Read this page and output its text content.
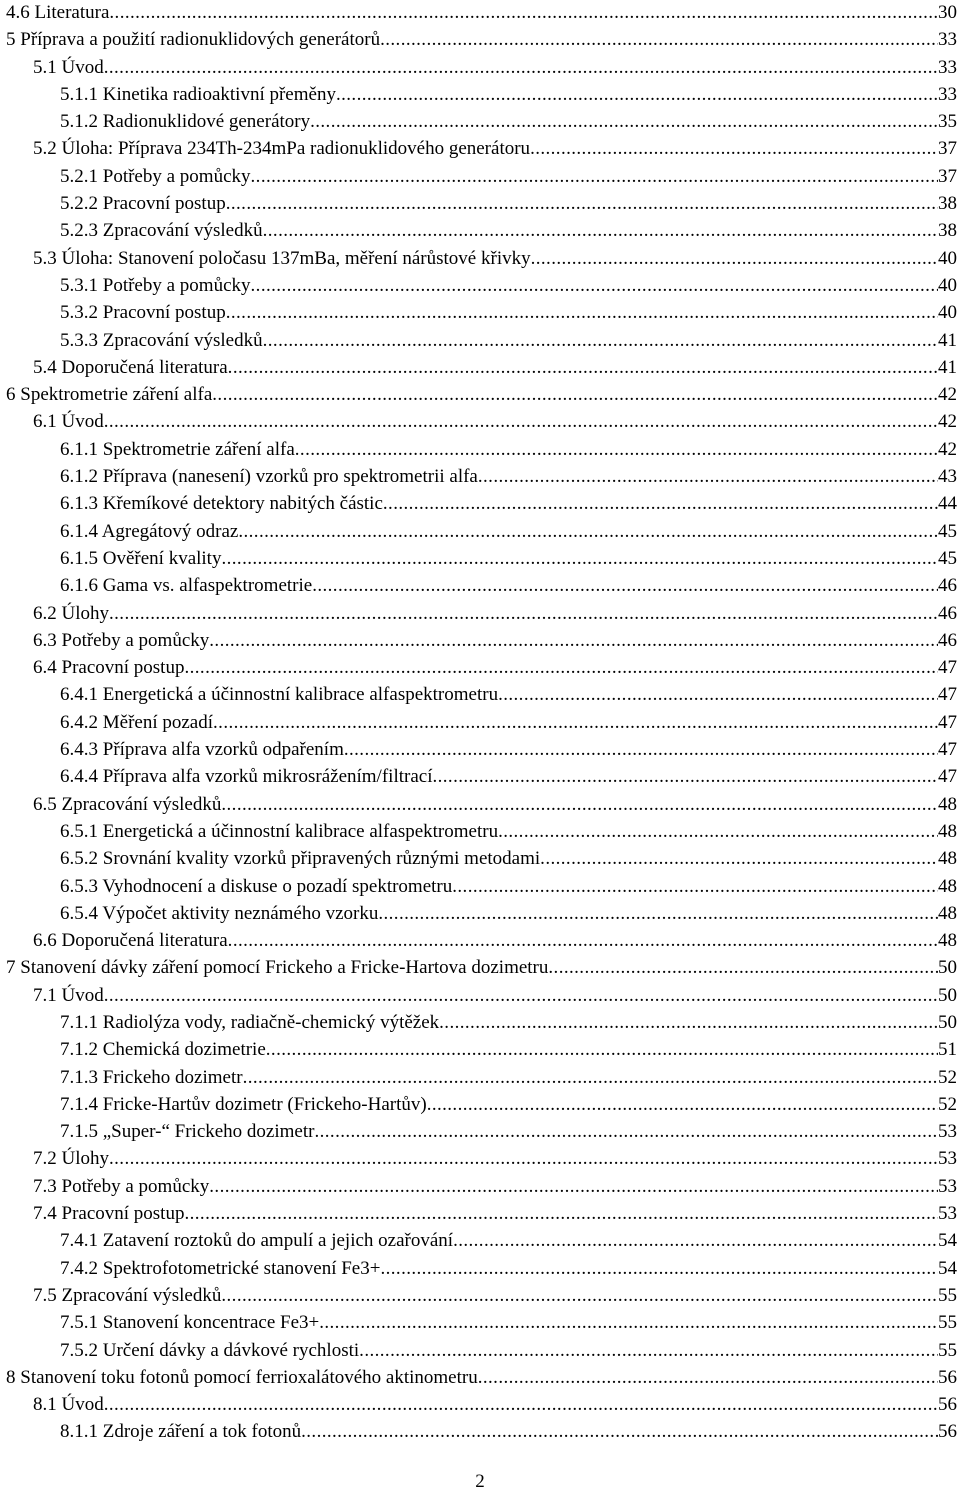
4.6 Literatura .....	30
5 Příprava a použití radionuklidových generátorů .....	33
5.1 Úvod .....	33
5.1.1 Kinetika radioaktivní přeměny .....	33
5.1.2 Radionuklidové generátory .....	35
5.2 Úloha: Příprava 234Th-234mPa radionuklidového generátoru .....	37
5.2.1 Potřeby a pomůcky .....	37
5.2.2 Pracovní postup .....	38
5.2.3 Zpracování výsledků .....	38
5.3 Úloha: Stanovení poločasu 137mBa, měření nárůstové křivky .....	40
5.3.1 Potřeby a pomůcky .....	40
5.3.2 Pracovní postup .....	40
5.3.3 Zpracování výsledků .....	41
5.4 Doporučená literatura .....	41
6 Spektrometrie záření alfa .....	42
6.1 Úvod .....	42
6.1.1 Spektrometrie záření alfa .....	42
6.1.2 Příprava (nanesení) vzorků pro spektrometrii alfa .....	43
6.1.3 Křemíkové detektory nabitých částic .....	44
6.1.4 Agregátový odraz .....	45
6.1.5 Ověření kvality .....	45
6.1.6 Gama vs. alfaspektrometrie .....	46
6.2 Úlohy .....	46
6.3 Potřeby a pomůcky .....	46
6.4 Pracovní postup .....	47
6.4.1 Energetická a účinnostní kalibrace alfaspektrometru .....	47
6.4.2 Měření pozadí .....	47
6.4.3 Příprava alfa vzorků odpařením .....	47
6.4.4 Příprava alfa vzorků mikrosrážením/filtrací .....	47
6.5 Zpracování výsledků .....	48
6.5.1 Energetická a účinnostní kalibrace alfaspektrometru .....	48
6.5.2 Srovnání kvality vzorků připravených různými metodami .....	48
6.5.3 Vyhodnocení a diskuse o pozadí spektrometru .....	48
6.5.4 Výpočet aktivity neznámého vzorku .....	48
6.6 Doporučená literatura .....	48
7 Stanovení dávky záření pomocí Frickeho a Fricke-Hartova dozimetru .....	50
7.1 Úvod .....	50
7.1.1 Radiolýza vody, radiačně-chemický výtěžek .....	50
7.1.2 Chemická dozimetrie .....	51
7.1.3 Frickeho dozimetr .....	52
7.1.4 Fricke-Hartův dozimetr (Frickeho-Hartův) .....	52
7.1.5 „Super-“ Frickeho dozimetr .....	53
7.2 Úlohy .....	53
7.3 Potřeby a pomůcky .....	53
7.4 Pracovní postup .....	53
7.4.1 Zatavení roztoků do ampulí a jejich ozařování .....	54
7.4.2 Spektrofotometrické stanovení Fe3+ .....	54
7.5 Zpracování výsledků .....	55
7.5.1 Stanovení koncentrace Fe3+ .....	55
7.5.2 Určení dávky a dávkové rychlosti .....	55
8 Stanovení toku fotonů pomocí ferrioxalátového aktinometru .....	56
8.1 Úvod .....	56
8.1.1 Zdroje záření a tok fotonů .....	56
2
